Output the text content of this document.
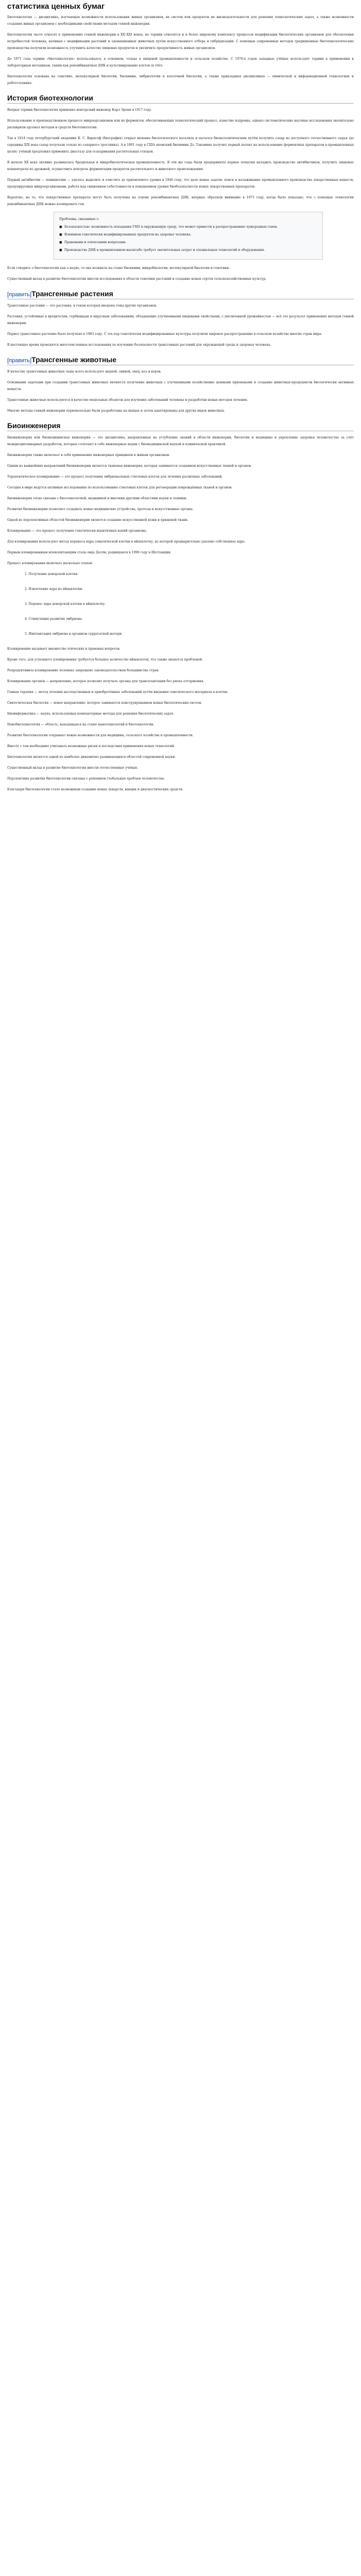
статистика ценных бумаг

Биотехнология — дисциплина, изучающая возможности использования живых организмов, их систем или продуктов их жизнедеятельности для решения технологических задач, а также возможности создания живых организмов с необходимыми свойствами методом генной инженерии.

Биотехнологии часто относят к применению генной инженерии в XX–XXI веках, но термин относится и к более широкому комплексу процессов модификации биологических организмов для обеспечения потребностей человека, начиная с модификации растений и одомашненных животных путём искусственного отбора и гибридизации. С помощью современных методов традиционные биотехнологические производства получили возможность улучшить качество пищевых продуктов и увеличить продуктивность живых организмов.

До 1971 года термин «биотехнология» использовался, в основном, только в пищевой промышленности и сельском хозяйстве. С 1970-х годов западные учёные используют термин в применении к лабораторным методикам, таким как рекомбинантная ДНК и культивирование клеток in vitro.

Биотехнология основана на генетике, молекулярной биологии, биохимии, эмбриологии и клеточной биологии, а также прикладных дисциплинах — химической и информационной технологиях и робототехнике.

История биотехнологии

Вперые термин биотехнология применил венгерский инженер Карл Эреки в 1917 году.

Использование в производственном процессе микроорганизмов или их ферментов, обеспечивающих технологический процесс, известно издревна, однако систематические научные исследования значительно расширили арсенал методов и средств биотехнологии.

Так в 1814 году петербургский академик К. С. Кирхгоф (биография) открыл явление биологического катализа и пытался биокаталитическим путём получить сахар из доступного отечественного сырья (до середины XIX века сахар получали только из сахарного тростника). А в 1891 году в США японский биохимик Дз. Такамине получил первый патент на использование ферментных препаратов в промышленных целях: учёный предложил применить диастазу для осахаривания растительных отходов.

В начале XX века активно развивалась бродильная и микробиологическая промышленность. В эти же годы были предприняты первые попытки наладить производство антибиотиков, получить пищевые концентраты из дрожжей, осуществить контроль ферментации продуктов растительного и животного происхождения.

Первый антибиотик — пенициллин — удалось выделить и очистить до приемлемого уровня в 1940 году, что дало новые задачи: поиск и налаживание промышленного производства лекарственных веществ, продуцируемых микроорганизмами, работа над снижением себестоимости и повышением уровня биобезопасности новых лекарственных препаратов.

Вероятно, на то, что лекарственные препараты могут быть получены на основе рекомбинантных ДНК, впервые обратили внимание в 1973 году, когда было показано, что с помощью технологии рекомбинантных ДНК можно клонировать ген.

Проблемы, связанные с:
■ Безопасностью: возможность попадания ГМО в окружающую среду, что может привести к распространению чужеродных генов.
■ Влиянием генетически модифицированных продуктов на здоровье человека.
■ Правовыми и этическими вопросами.
■ Производство ДНК в промышленном масштабе требует значительных затрат и специальных технологий и оборудования.

Если говорить о биотехнологии как о науке, то она возникла на стыке биохимии, микробиологии, молекулярной биологии и генетики.

Существенный вклад в развитие биотехнологии внесли исследования в области генетики растений и создание новых сортов сельскохозяйственных культур.

[править]Трансгенные растения

Трансгенные растения — это растения, в геном которых введены гены других организмов.

Растения, устойчивые к вредителям, гербицидам и вирусным заболеваниям, обладающие улучшенными пищевыми свойствами, с увеличенной урожайностью — всё это результат применения методов генной инженерии.

Первое трансгенное растение было получено в 1983 году. С тех пор генетически модифицированные культуры получили широкое распространение в сельском хозяйстве многих стран мира.

В настоящее время проводятся многочисленные исследования по изучению безопасности трансгенных растений для окружающей среды и здоровья человека.

[править]Трансгенные животные

В качестве трансгенных животных чаще всего используют мышей, свиней, овец, коз и коров.

Основными задачами при создании трансгенных животных являются получение животных с улучшенными хозяйственно ценными признаками и создание животных-продуцентов биологически активных веществ.

Трансгенные животные используются в качестве модельных объектов для изучения заболеваний человека и разработки новых методов лечения.

Многие методы генной инженерии первоначально были разработаны на мышах и затем адаптированы для других видов животных.

Биоинженерия

Биоинженерия или биомедицинская инженерия — это дисциплина, направленная на углубление знаний в области инженерии, биологии и медицины и укрепление здоровья человечества за счёт междисциплинарных разработок, которые сочетают в себе инженерные науки с биомедицинской наукой и клинической практикой.

Биоинженерия также включает в себя применение инженерных принципов к живым организмам.

Одним из важнейших направлений биоинженерии является тканевая инженерия, которая занимается созданием искусственных тканей и органов.

Терапевтическое клонирование — это процесс получения эмбриональных стволовых клеток для лечения различных заболеваний.

Сегодня в мире ведутся активные исследования по использованию стволовых клеток для регенерации повреждённых тканей и органов.

Биоинженерия тесно связана с биотехнологией, медициной и многими другими областями науки и техники.

Развитие биоинженерии позволяет создавать новые медицинские устройства, протезы и искусственные органы.

Одной из перспективных областей биоинженерии является создание искусственной кожи и хрящевой ткани.

Клонирование — это процесс получения генетически идентичных копий организма.

Для клонирования используют метод переноса ядра соматической клетки в яйцеклетку, из которой предварительно удалено собственное ядро.

Первым клонированным млекопитающим стала овца Долли, родившаяся в 1996 году в Шотландии.

Процесс клонирования включает несколько этапов:

1. Получение донорской клетки.
2. Извлечение ядра из яйцеклетки.
3. Перенос ядра донорской клетки в яйцеклетку.
4. Стимуляция развития эмбриона.
5. Имплантация эмбриона в организм суррогатной матери.

Клонирование вызывает множество этических и правовых вопросов.

Кроме того, для успешного клонирования требуется большое количество яйцеклеток, что также является проблемой.

Репродуктивное клонирование человека запрещено законодательством большинства стран.

Клонирование органов — направление, которое позволит получать органы для трансплантации без риска отторжения.

Генная терапия — метод лечения наследственных и приобретённых заболеваний путём введения генетического материала в клетки.

Синтетическая биология — новое направление, которое занимается конструированием новых биологических систем.

Биоинформатика — наука, использующая компьютерные методы для решения биологических задач.

Нанобиотехнология — область, находящаяся на стыке нанотехнологий и биотехнологии.

Развитие биотехнологии открывает новые возможности для медицины, сельского хозяйства и промышленности.

Вместе с тем необходимо учитывать возможные риски и последствия применения новых технологий.

Биотехнология является одной из наиболее динамично развивающихся областей современной науки.

Существенный вклад в развитие биотехнологии внесли отечественные учёные.

Перспективы развития биотехнологии связаны с решением глобальных проблем человечества.

Благодаря биотехнологии стало возможным создание новых лекарств, вакцин и диагностических средств.
